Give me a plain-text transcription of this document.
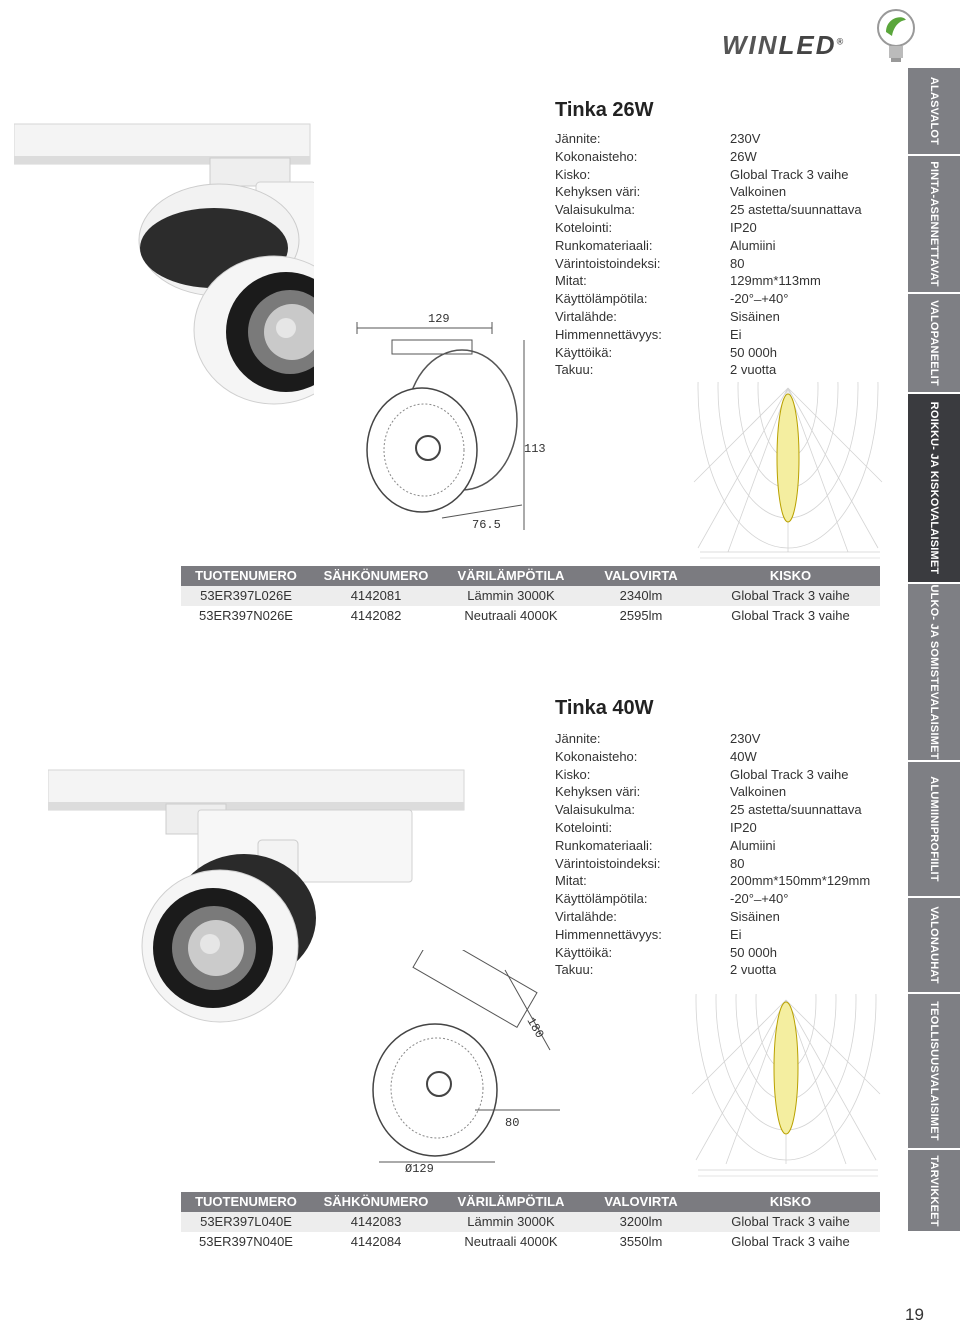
WINLED®
ALASVALOT
PINTA-ASENNETTAVAT
VALOPANEELIT
ROIKKU- JA KISKOVALAISIMET
ULKO- JA SOMISTEVALAISIMET
ALUMIINIPROFIILIT
VALONAUHAT
TEOLLISUUSVALAISIMET
TARVIKKEET
129
113
76.5
Tinka 26W
Jännite:	230V
Kokonaisteho:	26W
Kisko:	Global Track 3 vaihe
Kehyksen väri:	Valkoinen
Valaisukulma:	25 astetta/suunnattava
Kotelointi:	IP20
Runkomateriaali:	Alumiini
Värintoistoindeksi:	80
Mitat:	129mm*113mm
Käyttölämpötila:	-20° ̶ +40°
Virtalähde:	Sisäinen
Himmennettävyys:	Ei
Käyttöikä:	50 000h
Takuu:	2 vuotta
TUOTENUMERO	SÄHKÖNUMERO	VÄRILÄMPÖTILA	VALOVIRTA	KISKO
53ER397L026E	4142081	Lämmin 3000K	2340lm	Global Track 3 vaihe
53ER397N026E	4142082	Neutraali 4000K	2595lm	Global Track 3 vaihe
180
80
Ø129
Tinka 40W
Jännite:	230V
Kokonaisteho:	40W
Kisko:	Global Track 3 vaihe
Kehyksen väri:	Valkoinen
Valaisukulma:	25 astetta/suunnattava
Kotelointi:	IP20
Runkomateriaali:	Alumiini
Värintoistoindeksi:	80
Mitat:	200mm*150mm*129mm
Käyttölämpötila:	-20° ̶ +40°
Virtalähde:	Sisäinen
Himmennettävyys:	Ei
Käyttöikä:	50 000h
Takuu:	2 vuotta
TUOTENUMERO	SÄHKÖNUMERO	VÄRILÄMPÖTILA	VALOVIRTA	KISKO
53ER397L040E	4142083	Lämmin 3000K	3200lm	Global Track 3 vaihe
53ER397N040E	4142084	Neutraali 4000K	3550lm	Global Track 3 vaihe
19
